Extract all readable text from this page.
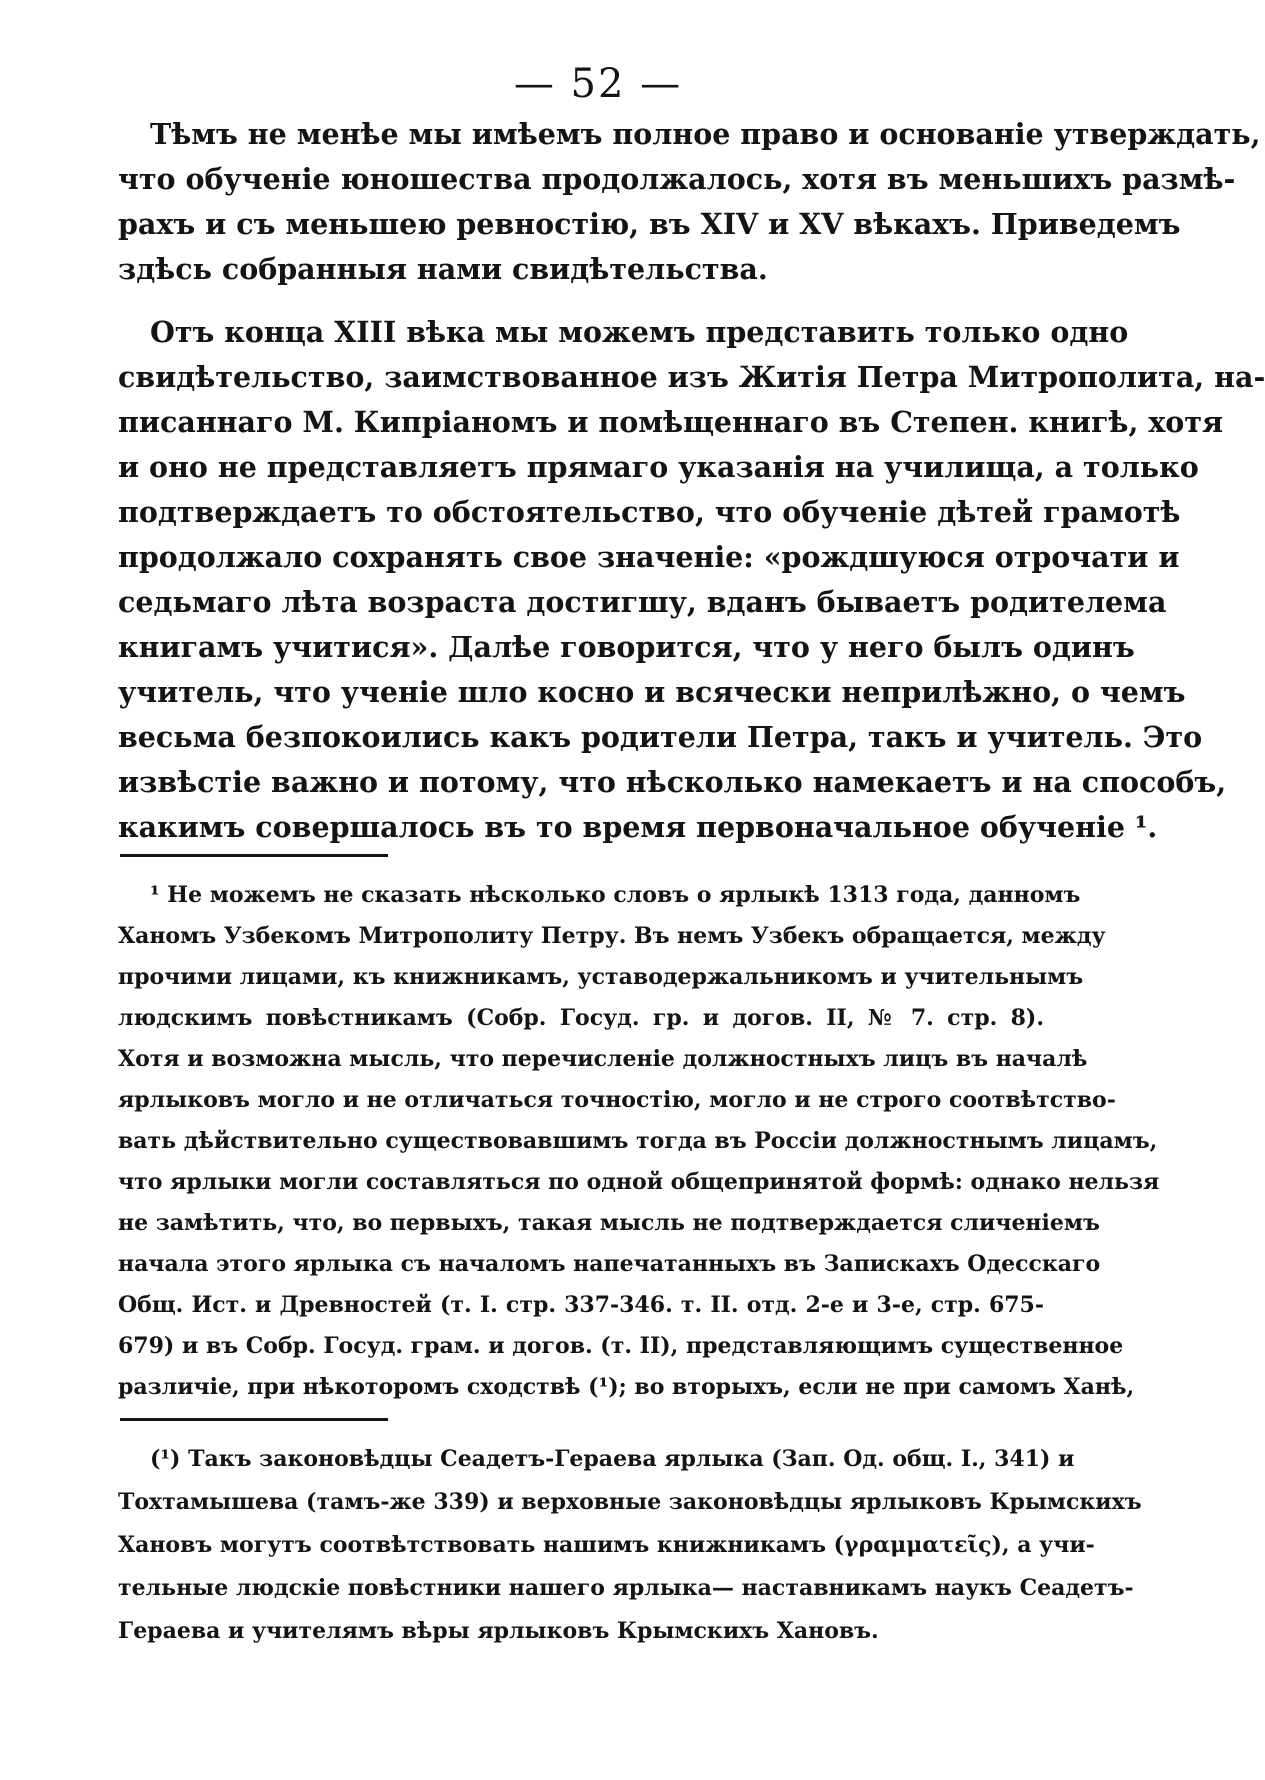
— 52 —

Тѣмъ не менѣе мы имѣемъ полное право и основаніе утверждать,
что обученіе юношества продолжалось, хотя въ меньшихъ размѣ-
рахъ и съ меньшею ревностію, въ XIV и XV вѣкахъ. Приведемъ
здѣсь собранныя нами свидѣтельства.

Отъ конца XIII вѣка мы можемъ представить только одно
свидѣтельство, заимствованное изъ Житія Петра Митрополита, на-
писаннаго М. Кипріаномъ и помѣщеннаго въ Степен. книгѣ, хотя
и оно не представляетъ прямаго указанія на училища, а только
подтверждаетъ то обстоятельство, что обученіе дѣтей грамотѣ
продолжало сохранять свое значеніе: «рождшуюся отрочати и
седьмаго лѣта возраста достигшу, вданъ бываетъ родителема
книгамъ учитися». Далѣе говорится, что у него былъ одинъ
учитель, что ученіе шло косно и всячески неприлѣжно, о чемъ
весьма безпокоились какъ родители Петра, такъ и учитель. Это
извѣстіе важно и потому, что нѣсколько намекаетъ и на способъ,
какимъ совершалось въ то время первоначальное обученіе ¹.

¹ Не можемъ не сказать нѣсколько словъ о ярлыкѣ 1313 года, данномъ
Ханомъ Узбекомъ Митрополиту Петру. Въ немъ Узбекъ обращается, между
прочими лицами, къ книжникамъ, уставодержальникомъ и учительнымъ
людскимъ повѣстникамъ (Собр. Госуд. гр. и догов. II, № 7. стр. 8).
Хотя и возможна мысль, что перечисленіе должностныхъ лицъ въ началѣ
ярлыковъ могло и не отличаться точностію, могло и не строго соотвѣтство-
вать дѣйствительно существовавшимъ тогда въ Россіи должностнымъ лицамъ,
что ярлыки могли составляться по одной общепринятой формѣ: однако нельзя
не замѣтить, что, во первыхъ, такая мысль не подтверждается сличеніемъ
начала этого ярлыка съ началомъ напечатанныхъ въ Запискахъ Одесскаго
Общ. Ист. и Древностей (т. I. стр. 337-346. т. II. отд. 2-е и 3-е, стр. 675-
679) и въ Собр. Госуд. грам. и догов. (т. II), представляющимъ существенное
различіе, при нѣкоторомъ сходствѣ (¹); во вторыхъ, если не при самомъ Ханѣ,
(¹) Такъ законовѣдцы Сеадетъ-Гераева ярлыка (Зап. Од. общ. I., 341) и
Тохтамышева (тамъ-же 339) и верховные законовѣдцы ярлыковъ Крымскихъ
Хановъ могутъ соотвѣтствовать нашимъ книжникамъ (γραμματεῖς), а учи-
тельные людскіе повѣстники нашего ярлыка— наставникамъ наукъ Сеадетъ-
Гераева и учителямъ вѣры ярлыковъ Крымскихъ Хановъ.
